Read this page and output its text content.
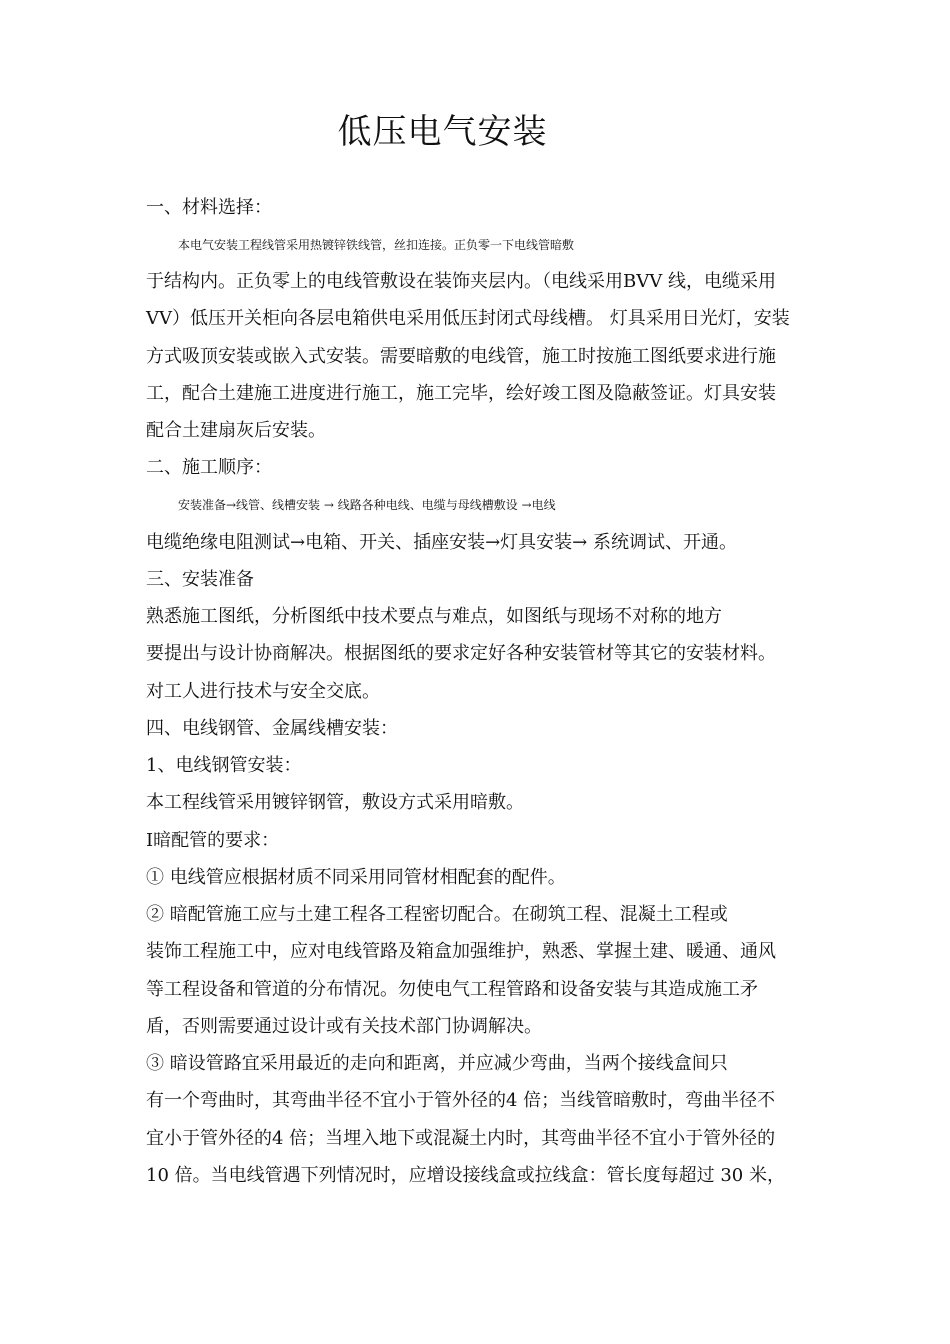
低压电气安装
一、材料选择：
本电气安装工程线管采用热镀锌铁线管，丝扣连接。正负零一下电线管暗敷
于结构内。正负零上的电线管敷设在装饰夹层内。（电线采用BVV 线，电缆采用
VV）低压开关柜向各层电箱供电采用低压封闭式母线槽。 灯具采用日光灯，安装
方式吸顶安装或嵌入式安装。需要暗敷的电线管，施工时按施工图纸要求进行施
工，配合土建施工进度进行施工，施工完毕，绘好竣工图及隐蔽签证。灯具安装
配合土建扇灰后安装。
二、施工顺序：
安装准备→线管、线槽安装 → 线路各种电线、电缆与母线槽敷设 →电线
电缆绝缘电阻测试→电箱、开关、插座安装→灯具安装→ 系统调试、开通。
三、安装准备
熟悉施工图纸，分析图纸中技术要点与难点，如图纸与现场不对称的地方
要提出与设计协商解决。根据图纸的要求定好各种安装管材等其它的安装材料。
对工人进行技术与安全交底。
四、电线钢管、金属线槽安装：
1、电线钢管安装：
本工程线管采用镀锌钢管，敷设方式采用暗敷。
Ⅰ暗配管的要求：
① 电线管应根据材质不同采用同管材相配套的配件。
② 暗配管施工应与土建工程各工程密切配合。在砌筑工程、混凝土工程或
装饰工程施工中，应对电线管路及箱盒加强维护，熟悉、掌握土建、暖通、通风
等工程设备和管道的分布情况。勿使电气工程管路和设备安装与其造成施工矛
盾，否则需要通过设计或有关技术部门协调解决。
③ 暗设管路宜采用最近的走向和距离，并应减少弯曲，当两个接线盒间只
有一个弯曲时，其弯曲半径不宜小于管外径的4 倍；当线管暗敷时，弯曲半径不
宜小于管外径的4 倍；当埋入地下或混凝土内时，其弯曲半径不宜小于管外径的
10 倍。当电线管遇下列情况时，应增设接线盒或拉线盒：管长度每超过 30 米，
